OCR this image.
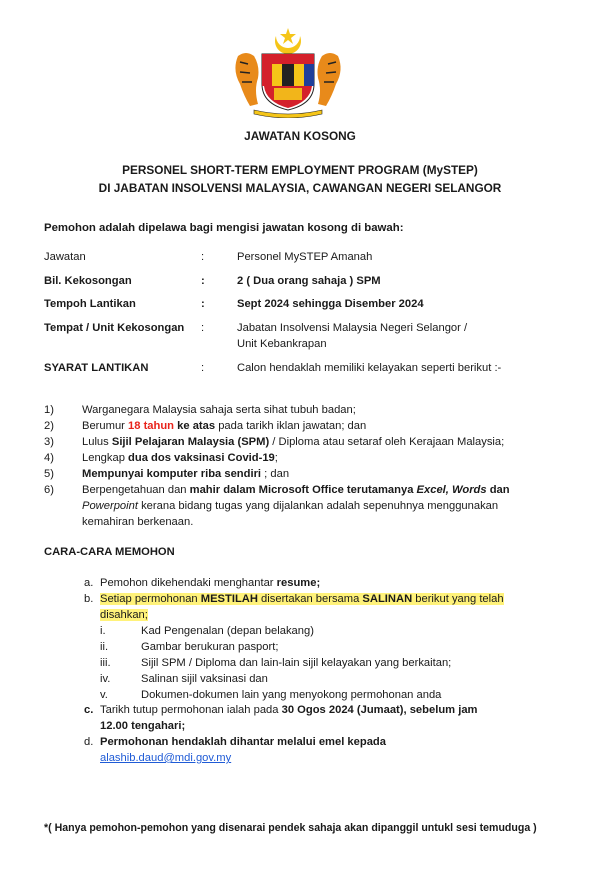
JAWATAN KOSONG
PERSONEL SHORT-TERM EMPLOYMENT PROGRAM (MySTEP)
DI JABATAN INSOLVENSI MALAYSIA, CAWANGAN NEGERI SELANGOR
Pemohon adalah dipelawa bagi mengisi jawatan kosong di bawah:
Jawatan	:	Personel MySTEP Amanah
Bil. Kekosongan	:	2 ( Dua orang sahaja ) SPM
Tempoh Lantikan	:	Sept 2024 sehingga Disember 2024
Tempat / Unit Kekosongan :	Jabatan Insolvensi Malaysia Negeri Selangor /
Unit Kebankrapan
SYARAT LANTIKAN	:	Calon hendaklah memiliki kelayakan seperti berikut :-
1)	Warganegara Malaysia sahaja serta sihat tubuh badan;
2)	Berumur 18 tahun ke atas pada tarikh iklan jawatan; dan
3)	Lulus Sijil Pelajaran Malaysia (SPM) / Diploma atau setaraf oleh Kerajaan Malaysia;
4)	Lengkap dua dos vaksinasi Covid-19;
5)	Mempunyai komputer riba sendiri ; dan
6)	Berpengetahuan dan mahir dalam Microsoft Office terutamanya Excel, Words dan
Powerpoint kerana bidang tugas yang dijalankan adalah sepenuhnya menggunakan
kemahiran berkenaan.
CARA-CARA MEMOHON
a. Pemohon dikehendaki menghantar resume;
b. Setiap permohonan MESTILAH disertakan bersama SALINAN berikut yang telah
disahkan;
i.	Kad Pengenalan (depan belakang)
ii.	Gambar berukuran pasport;
iii.	Sijil SPM / Diploma dan lain-lain sijil kelayakan yang berkaitan;
iv.	Salinan sijil vaksinasi dan
v.	Dokumen-dokumen lain yang menyokong permohonan anda
c. Tarikh tutup permohonan ialah pada 30 Ogos 2024 (Jumaat), sebelum jam
12.00 tengahari;
d. Permohonan hendaklah dihantar melalui emel kepada
alashib.daud@mdi.gov.my
*( Hanya pemohon-pemohon yang disenarai pendek sahaja akan dipanggil untukl sesi temuduga )
